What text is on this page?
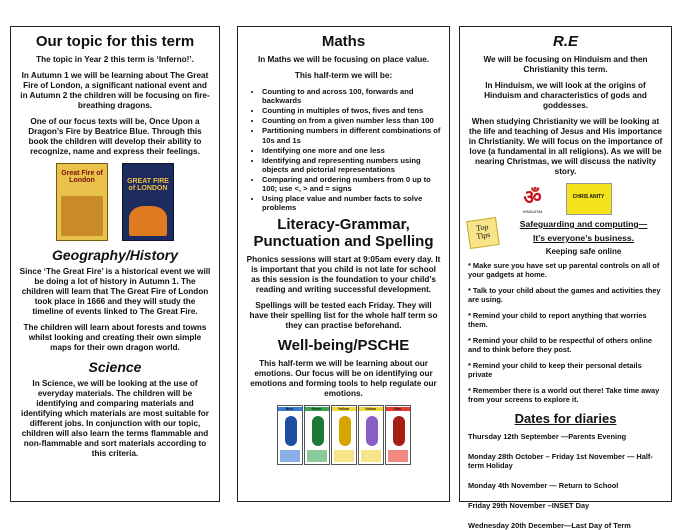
Our topic for this term

The topic in Year 2 this term is ‘Inferno!’.

In Autumn 1 we will be learning about The Great Fire of London, a significant national event and in Autumn 2 the children will be focusing on fire-breathing dragons.

One of our focus texts will be, Once Upon a Dragon’s Fire by Beatrice Blue. Through this book the children will develop their ability to recognize, name and express their feelings.

Great Fire of London	GREAT FIRE of LONDON
Geography/History

Since ‘The Great Fire’ is a historical event we will be doing a lot of history in Autumn 1. The children will learn that The Great Fire of London took place in 1666 and they will study the timeline of events linked to The Great Fire.

The children will learn about forests and towns whilst looking and creating their own simple maps for their own dragon world.

Science

In Science, we will be looking at the use of everyday materials. The children will be identifying and comparing materials and identifying which materials are most suitable for different jobs. In conjunction with our topic, children will also learn the terms flammable and non-flammable and sort materials according to this criteria.

Maths

In Maths we will be focusing on place value.

This half-term we will be:

• Counting to and across 100, forwards and backwards
• Counting in multiples of twos, fives and tens
• Counting on from a given number less than 100
• Partitioning numbers in different combinations of 10s and 1s
• Identifying one more and one less
• Identifying and representing numbers using objects and pictorial representations
• Comparing and ordering numbers from 0 up to 100; use <, > and = signs
• Using place value and number facts to solve problems
Literacy-Grammar, Punctuation and Spelling

Phonics sessions will start at 9:05am every day. It is important that you child is not late for school as this session is the foundation to your child’s reading and writing successful development.

Spellings will be tested each Friday. They will have their spelling list for the whole half term so they can practise beforehand.

Well-being/PSCHE

This half-term we will be learning about our emotions. Our focus will be on identifying our emotions and forming tools to help regulate our emotions.

Blue	Green	Yellow	Yellow	Red
R.E

We will be focusing on Hinduism and then Christianity this term.

In Hinduism, we will look at the origins of Hinduism and characteristics of gods and goddesses.

When studying Christianity we will be looking at the life and teaching of Jesus and His importance in Christianity. We will focus on the importance of love (a fundamental in all religions). As we will be nearing Christmas, we will discuss the nativity story.

ॐ
HINDUISM
CHRIS ANITY
Top Tips

Safeguarding and computing—

It’s everyone’s business.

Keeping safe online

* Make sure you have set up parental controls on all of your gadgets at home.

* Talk to your child about the games and activities they are using.

* Remind your child to report anything that worries them.

* Remind your child to be respectful of others online and to think before they post.

* Remind your child to keep their personal details private

* Remember there is a world out there! Take time away from your screens to explore it.

Dates for diaries

Thursday 12th September —Parents Evening

Monday 28th October – Friday 1st November — Half-term Holiday

Monday 4th November — Return to School

Friday 29th November –INSET Day

Wednesday 20th December—Last Day of Term
